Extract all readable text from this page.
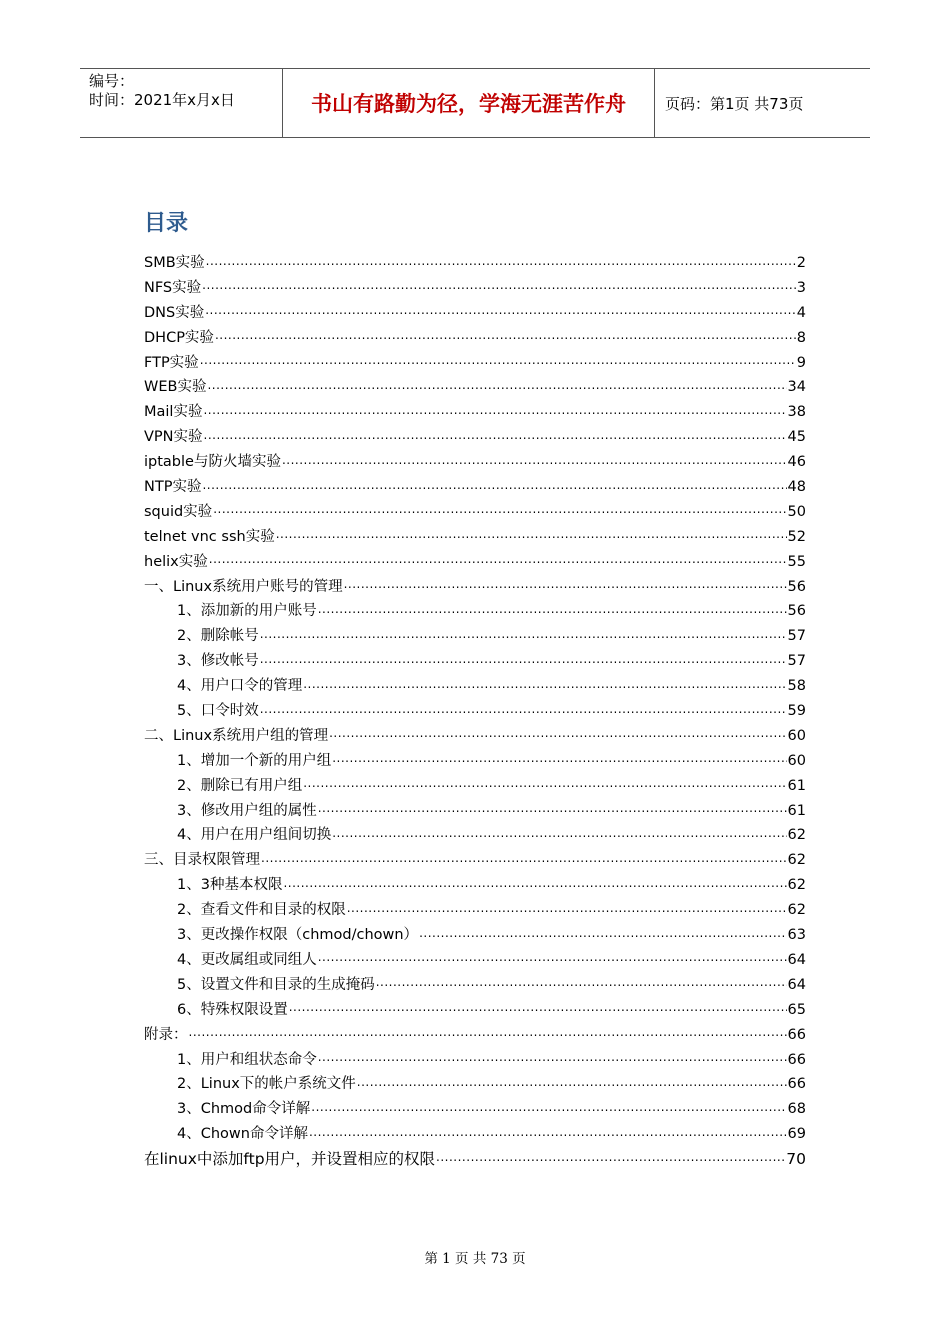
编号：
时间：2021年x月x日	书山有路勤为径，学海无涯苦作舟	页码：第1页 共73页
目录
SMB实验 .....	2
NFS实验 .....	3
DNS实验 .....	4
DHCP实验 .....	8
FTP实验 .....	9
WEB实验 .....	34
Mail实验 .....	38
VPN实验 .....	45
iptable与防火墙实验 .....	46
NTP实验 .....	48
squid实验 .....	50
telnet vnc ssh实验 .....	52
helix实验 .....	55
一、Linux系统用户账号的管理 .....	56
1、添加新的用户账号 .....	56
2、删除帐号 .....	57
3、修改帐号 .....	57
4、用户口令的管理 .....	58
5、口令时效 .....	59
二、Linux系统用户组的管理 .....	60
1、增加一个新的用户组 .....	60
2、删除已有用户组 .....	61
3、修改用户组的属性 .....	61
4、用户在用户组间切换 .....	62
三、目录权限管理 .....	62
1、3种基本权限 .....	62
2、查看文件和目录的权限 .....	62
3、更改操作权限（chmod/chown） .....	63
4、更改属组或同组人 .....	64
5、设置文件和目录的生成掩码 .....	64
6、特殊权限设置 .....	65
附录： .....	66
1、用户和组状态命令 .....	66
2、Linux下的帐户系统文件 .....	66
3、Chmod命令详解 .....	68
4、Chown命令详解 .....	69
在linux中添加ftp用户，并设置相应的权限 .....	70
第 1 页 共 73 页
